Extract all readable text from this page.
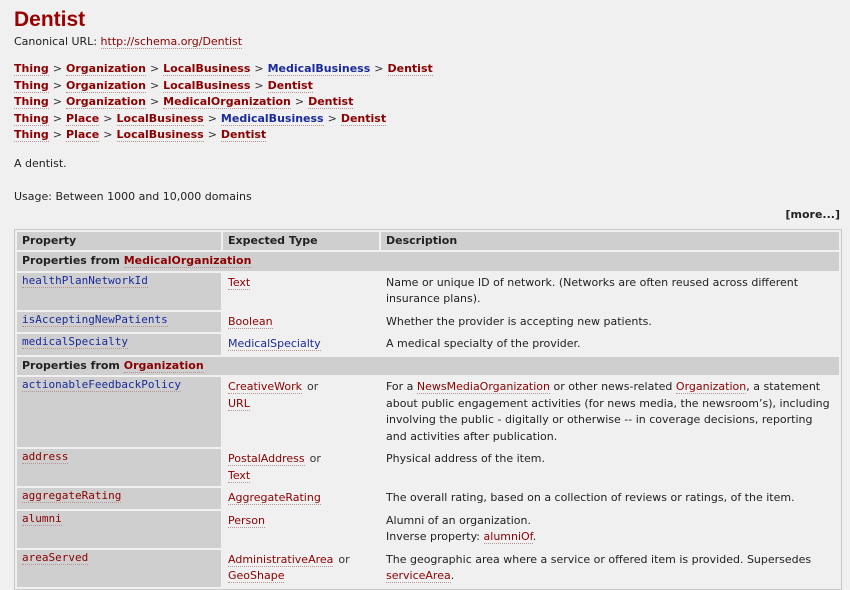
Dentist
Canonical URL: http://schema.org/Dentist
Thing > Organization > LocalBusiness > MedicalBusiness > Dentist
Thing > Organization > LocalBusiness > Dentist
Thing > Organization > MedicalOrganization > Dentist
Thing > Place > LocalBusiness > MedicalBusiness > Dentist
Thing > Place > LocalBusiness > Dentist
A dentist.
Usage: Between 1000 and 10,000 domains
[more...]
Property	Expected Type	Description
Properties from MedicalOrganization		
healthPlanNetworkId	Text	Name or unique ID of network. (Networks are often reused across different insurance plans).

isAcceptingNewPatients	Boolean	Whether the provider is accepting new patients.

medicalSpecialty	MedicalSpecialty	A medical specialty of the provider.

Properties from Organization		
actionableFeedbackPolicy	CreativeWork or
URL	For a NewsMediaOrganization or other news-related Organization, a statement about public engagement activities (for news media, the newsroom’s), including involving the public - digitally or otherwise -- in coverage decisions, reporting and activities after publication.

address	PostalAddress or
Text	Physical address of the item.

aggregateRating	AggregateRating	The overall rating, based on a collection of reviews or ratings, of the item.

alumni	Person	Alumni of an organization.
Inverse property: alumniOf.

areaServed	AdministrativeArea or
GeoShape	The geographic area where a service or offered item is provided. Supersedes serviceArea.
